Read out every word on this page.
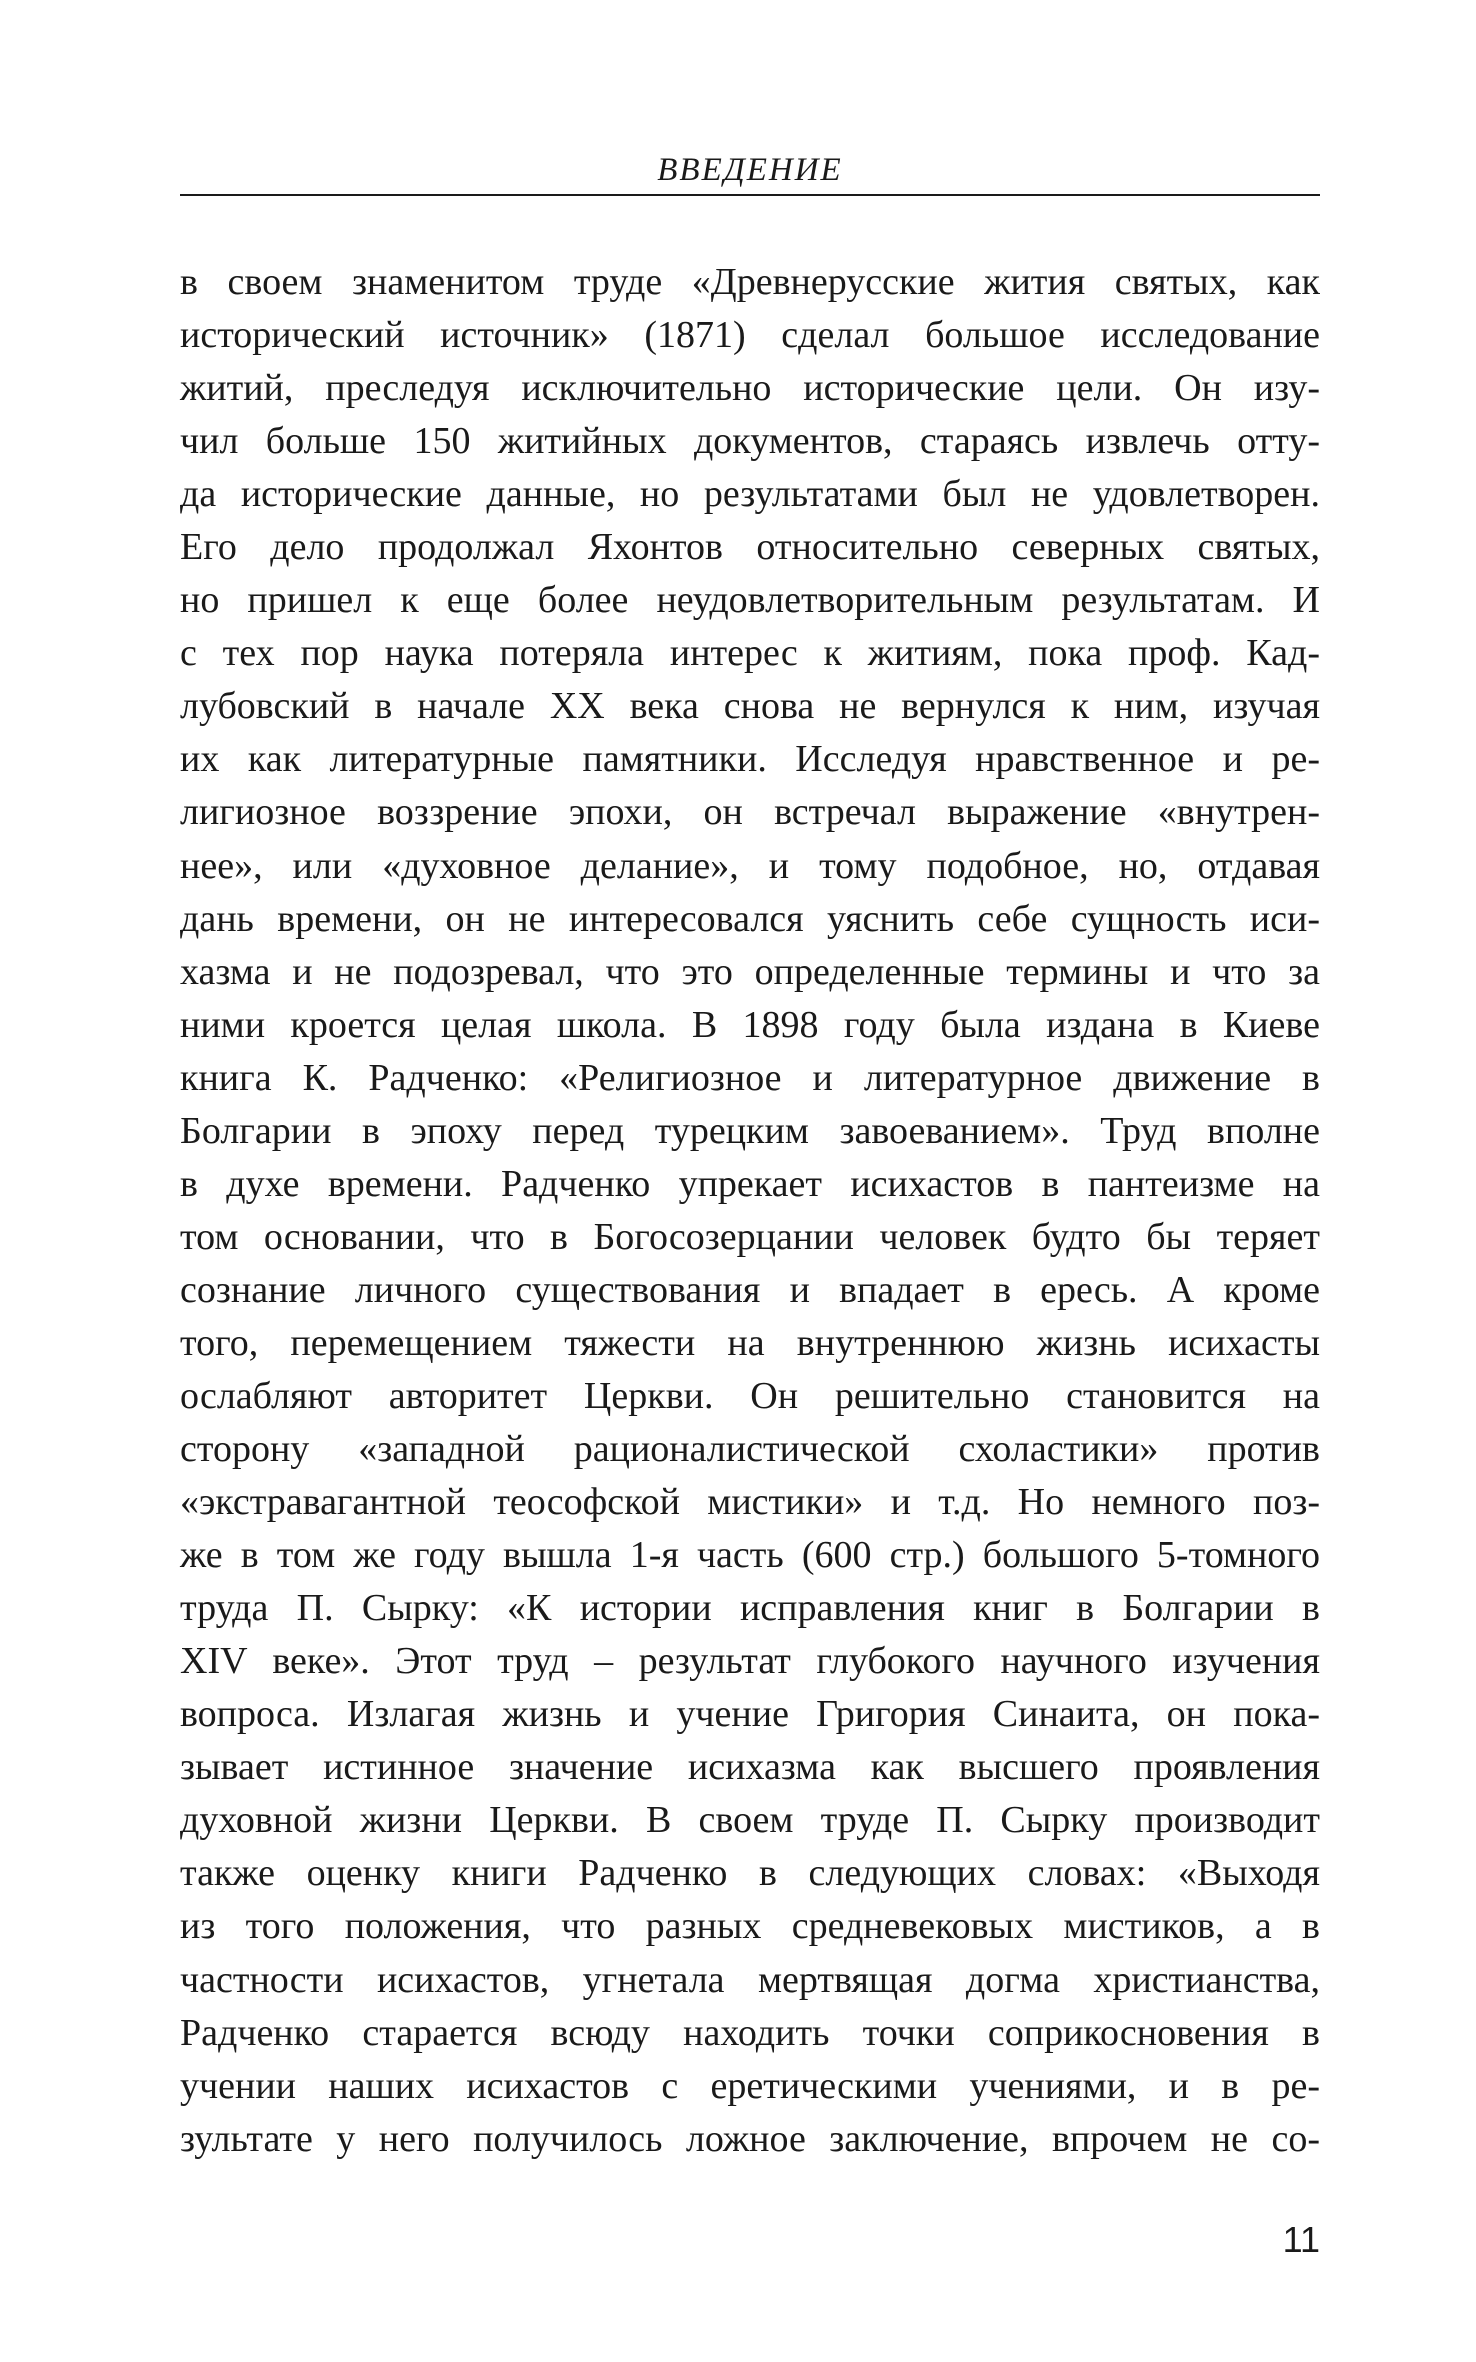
ВВЕДЕНИЕ
в своем знаменитом труде «Древнерусские жития святых, как
исторический источник» (1871) сделал большое исследование
житий, преследуя исключительно исторические цели. Он изу-
чил больше 150 житийных документов, стараясь извлечь отту-
да исторические данные, но результатами был не удовлетворен.
Его дело продолжал Яхонтов относительно северных святых,
но пришел к еще более неудовлетворительным результатам. И
с тех пор наука потеряла интерес к житиям, пока проф. Кад-
лубовский в начале XX века снова не вернулся к ним, изучая
их как литературные памятники. Исследуя нравственное и ре-
лигиозное воззрение эпохи, он встречал выражение «внутрен-
нее», или «духовное делание», и тому подобное, но, отдавая
дань времени, он не интересовался уяснить себе сущность иси-
хазма и не подозревал, что это определенные термины и что за
ними кроется целая школа. В 1898 году была издана в Киеве
книга К. Радченко: «Религиозное и литературное движение в
Болгарии в эпоху перед турецким завоеванием». Труд вполне
в духе времени. Радченко упрекает исихастов в пантеизме на
том основании, что в Богосозерцании человек будто бы теряет
сознание личного существования и впадает в ересь. А кроме
того, перемещением тяжести на внутреннюю жизнь исихасты
ослабляют авторитет Церкви. Он решительно становится на
сторону «западной рационалистической схоластики» против
«экстравагантной теософской мистики» и т.д. Но немного поз-
же в том же году вышла 1-я часть (600 стр.) большого 5-томного
труда П. Сырку: «К истории исправления книг в Болгарии в
XIV веке». Этот труд – результат глубокого научного изучения
вопроса. Излагая жизнь и учение Григория Синаита, он пока-
зывает истинное значение исихазма как высшего проявления
духовной жизни Церкви. В своем труде П. Сырку производит
также оценку книги Радченко в следующих словах: «Выходя
из того положения, что разных средневековых мистиков, а в
частности исихастов, угнетала мертвящая догма христианства,
Радченко старается всюду находить точки соприкосновения в
учении наших исихастов с еретическими учениями, и в ре-
зультате у него получилось ложное заключение, впрочем не со-
11
